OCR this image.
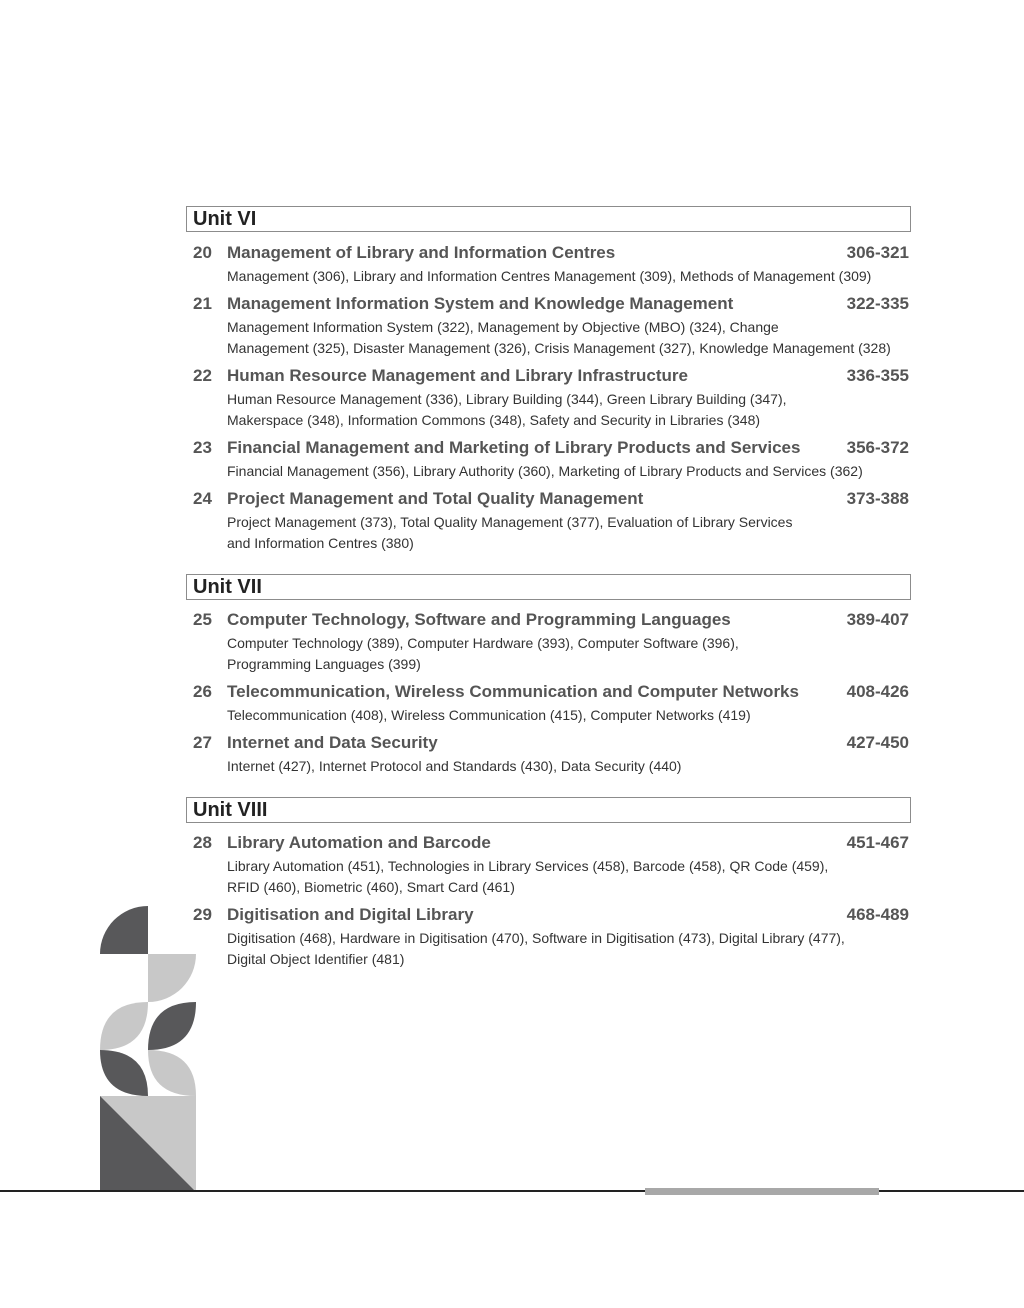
Unit VI
20 Management of Library and Information Centres	306-321
Management (306), Library and Information Centres Management (309), Methods of Management (309)
21 Management Information System and Knowledge Management	322-335
Management Information System (322), Management by Objective (MBO) (324), Change
Management (325), Disaster Management (326), Crisis Management (327), Knowledge Management (328)
22 Human Resource Management and Library Infrastructure	336-355
Human Resource Management (336), Library Building (344), Green Library Building (347),
Makerspace (348), Information Commons (348), Safety and Security in Libraries (348)
23 Financial Management and Marketing of Library Products and Services	356-372
Financial Management (356), Library Authority (360), Marketing of Library Products and Services (362)
24 Project Management and Total Quality Management	373-388
Project Management (373), Total Quality Management (377), Evaluation of Library Services
and Information Centres (380)
Unit VII
25 Computer Technology, Software and Programming Languages	389-407
Computer Technology (389), Computer Hardware (393), Computer Software (396),
Programming Languages (399)
26 Telecommunication, Wireless Communication and Computer Networks	408-426
Telecommunication (408), Wireless Communication (415), Computer Networks (419)
27 Internet and Data Security	427-450
Internet (427), Internet Protocol and Standards (430), Data Security (440)
Unit VIII
28 Library Automation and Barcode	451-467
Library Automation (451), Technologies in Library Services (458), Barcode (458), QR Code (459),
RFID (460), Biometric (460), Smart Card (461)
29 Digitisation and Digital Library	468-489
Digitisation (468), Hardware in Digitisation (470), Software in Digitisation (473), Digital Library (477),
Digital Object Identifier (481)
